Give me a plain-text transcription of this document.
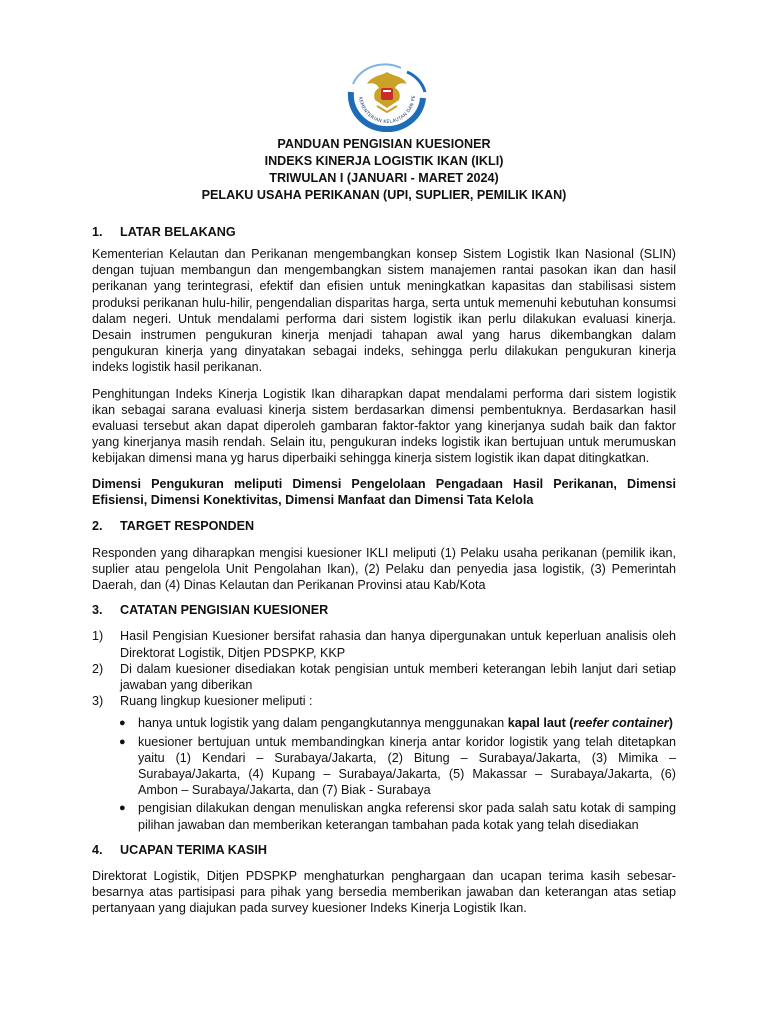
KEMENTERIAN KELAUTAN DAN PE
PANDUAN PENGISIAN KUESIONER
INDEKS KINERJA LOGISTIK IKAN (IKLI)
TRIWULAN I (JANUARI - MARET 2024)
PELAKU USAHA PERIKANAN (UPI, SUPLIER, PEMILIK IKAN)
1.	LATAR BELAKANG

Kementerian Kelautan dan Perikanan mengembangkan konsep Sistem Logistik Ikan Nasional (SLIN) dengan tujuan membangun dan mengembangkan sistem manajemen rantai pasokan ikan dan hasil perikanan yang terintegrasi, efektif dan efisien untuk meningkatkan kapasitas dan stabilisasi sistem produksi perikanan hulu-hilir, pengendalian disparitas harga, serta untuk memenuhi kebutuhan konsumsi dalam negeri. Untuk mendalami performa dari sistem logistik ikan perlu dilakukan evaluasi kinerja. Desain instrumen pengukuran kinerja menjadi tahapan awal yang harus dikembangkan dalam pengukuran kinerja yang dinyatakan sebagai indeks, sehingga perlu dilakukan pengukuran kinerja indeks logistik hasil perikanan.

Penghitungan Indeks Kinerja Logistik Ikan diharapkan dapat mendalami performa dari sistem logistik ikan sebagai sarana evaluasi kinerja sistem berdasarkan dimensi pembentuknya. Berdasarkan hasil evaluasi tersebut akan dapat diperoleh gambaran faktor-faktor yang kinerjanya sudah baik dan faktor yang kinerjanya masih rendah. Selain itu, pengukuran indeks logistik ikan bertujuan untuk merumuskan kebijakan dimensi mana yg harus diperbaiki sehingga kinerja sistem logistik ikan dapat ditingkatkan.

Dimensi Pengukuran meliputi Dimensi Pengelolaan Pengadaan Hasil Perikanan, Dimensi Efisiensi, Dimensi Konektivitas, Dimensi Manfaat dan Dimensi Tata Kelola

2.	TARGET RESPONDEN

Responden yang diharapkan mengisi kuesioner IKLI meliputi (1) Pelaku usaha perikanan (pemilik ikan, suplier atau pengelola Unit Pengolahan Ikan), (2) Pelaku dan penyedia jasa logistik, (3) Pemerintah Daerah, dan (4) Dinas Kelautan dan Perikanan Provinsi atau Kab/Kota

3.	CATATAN PENGISIAN KUESIONER
1)	Hasil Pengisian Kuesioner bersifat rahasia dan hanya dipergunakan untuk keperluan analisis oleh Direktorat Logistik, Ditjen PDSPKP, KKP
2)	Di dalam kuesioner disediakan kotak pengisian untuk memberi keterangan lebih lanjut dari setiap jawaban yang diberikan
3)	Ruang lingkup kuesioner meliputi :
● hanya untuk logistik yang dalam pengangkutannya menggunakan kapal laut (reefer container)
● kuesioner bertujuan untuk membandingkan kinerja antar koridor logistik yang telah ditetapkan yaitu (1) Kendari – Surabaya/Jakarta, (2) Bitung – Surabaya/Jakarta, (3) Mimika – Surabaya/Jakarta, (4) Kupang – Surabaya/Jakarta, (5) Makassar – Surabaya/Jakarta, (6) Ambon – Surabaya/Jakarta, dan (7) Biak - Surabaya
● pengisian dilakukan dengan menuliskan angka referensi skor pada salah satu kotak di samping pilihan jawaban dan memberikan keterangan tambahan pada kotak yang telah disediakan
4.	UCAPAN TERIMA KASIH

Direktorat Logistik, Ditjen PDSPKP menghaturkan penghargaan dan ucapan terima kasih sebesar-besarnya atas partisipasi para pihak yang bersedia memberikan jawaban dan keterangan atas setiap pertanyaan yang diajukan pada survey kuesioner Indeks Kinerja Logistik Ikan.
